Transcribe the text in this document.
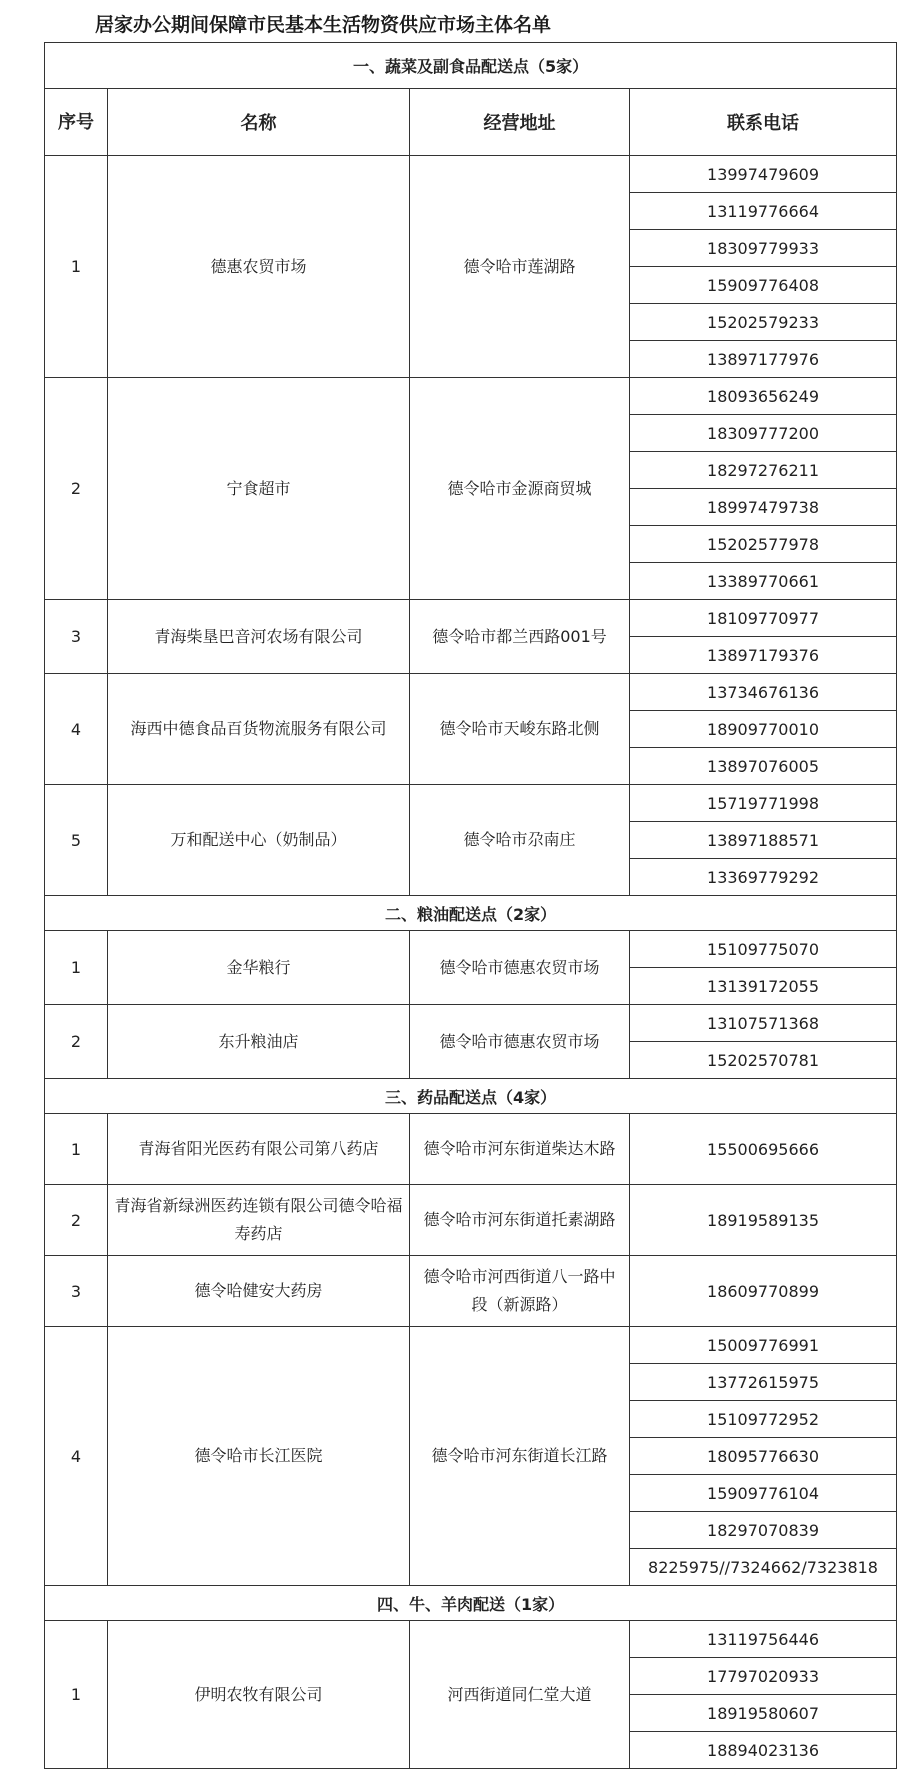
居家办公期间保障市民基本生活物资供应市场主体名单
一、蔬菜及副食品配送点（5家）			
序号	名称	经营地址	联系电话
1	德惠农贸市场	德令哈市莲湖路	13997479609
			13119776664
			18309779933
			15909776408
			15202579233
			13897177976
2	宁食超市	德令哈市金源商贸城	18093656249
			18309777200
			18297276211
			18997479738
			15202577978
			13389770661
3	青海柴垦巴音河农场有限公司	德令哈市都兰西路001号	18109770977
			13897179376
4	海西中德食品百货物流服务有限公司	德令哈市天峻东路北侧	13734676136
			18909770010
			13897076005
5	万和配送中心（奶制品）	德令哈市尕南庄	15719771998
			13897188571
			13369779292
二、粮油配送点（2家）			
1	金华粮行	德令哈市德惠农贸市场	15109775070
			13139172055
2	东升粮油店	德令哈市德惠农贸市场	13107571368
			15202570781
三、药品配送点（4家）			
1	青海省阳光医药有限公司第八药店	德令哈市河东街道柴达木路	15500695666
2	青海省新绿洲医药连锁有限公司德令哈福寿药店	德令哈市河东街道托素湖路	18919589135
3	德令哈健安大药房	德令哈市河西街道八一路中段（新源路）	18609770899
4	德令哈市长江医院	德令哈市河东街道长江路	15009776991
			13772615975
			15109772952
			18095776630
			15909776104
			18297070839
			8225975//7324662/7323818
四、牛、羊肉配送（1家）			
1	伊明农牧有限公司	河西街道同仁堂大道	13119756446
			17797020933
			18919580607
			18894023136
